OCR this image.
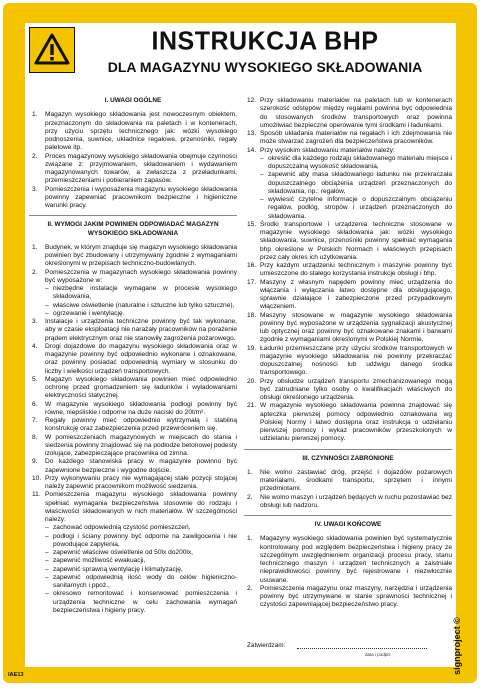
INSTRUKCJA BHP
DLA MAGAZYNU WYSOKIEGO SKŁADOWANIA
I. UWAGI OGÓLNE
1. Magazyn wysokiego składowania jest nowoczesnym obiektem, przeznaczonym do składowania na paletach i w kontenerach, przy użyciu sprzętu technicznego jak: wózki wysokiego podnoszenia, suwnice, układnice regałowe, przenośniki, regały paletowe itp.
2. Proces magazynowy wysokiego składowania obejmuje czynności związane z: przyjmowaniem, składowaniem i wydawaniem magazynowanych towarów, a zwłaszcza z przeładunkami, przemieszczeniami i pobieraniem zapasów.
3. Pomieszczenia i wyposażenia magazynu wysokiego składowania powinny zapewniać pracownikom bezpieczne i higieniczne warunki pracy.
II. WYMOGI JAKIM POWINIEN ODPOWIADAĆ MAGAZYN WYSOKIEGO SKŁADOWANIA
1. Budynek, w którym znajduje się magazyn wysokiego składowania powinien być zbudowany i utrzymywany zgodnie z wymaganiami określonymi w przepisach techniczno-budowlanych.
2. Pomieszczenia w magazynach wysokiego składowania powinny być wyposażone w:
– niezbędne instalacje wymagane w procesie wysokiego składowania,
– właściwe oświetlenie (naturalne i sztuczne lub tylko sztuczne),
– ogrzewanie i wentylację.
3. Instalacje i urządzenia techniczne powinny być tak wykonane, aby w czasie eksploatacji nie narażały pracowników na porażenie prądem elektrycznym oraz nie stanowiły zagrożenia pożarowego.
4. Drogi dojazdowe do magazynu wysokiego składowania oraz w magazynie powinny być odpowiednio wykonane i oznakowane, oraz powinny posiadać odpowiednią wymiary w stosunku do liczby i wielkości urządzeń transportowych.
5. Magazyn wysokiego składowania powinien mieć odpowiednio ochronę przed gromadzeniem się ładunków i wyładowaniami elektryczności statycznej.
6. W magazynie wysokiego składowania podłogi powinny być równe, niepśliskie i odporne na duże naciski do 20t/m².
7. Regały powinny mieć odpowiednio wytrzymałą i stabilną konstrukcję oraz zabezpieczenia przed przewróceniem się.
8. W pomieszczeniach magazynowych w miejscach do stania i siedzenia powinny znajdować się na podłodze betonowej podesty izolujące, zabezpieczające pracownika od zimna.
9. Do każdego stanowiska pracy w magazynie powinno być zapewnione bezpieczne i wygodne dojście.
10. Przy wykonywaniu pracy nie wymagającej stałe pozycji stojącej należy zapewnić pracownikom możliwość siedzenia.
11. Pomieszczenia magazynu wysokiego składowania powinny spełniać wymagania bezpieczeństwa stosownie do rodzaju i właściwości składowanych w nich materiałów. W szczególności należy:
– zachować odpowiednią czystość pomieszczeń,
– podłogi i ściany powinny być odporne na zawilgocenia i nie powodujące zapylenia,
– zapewnić właściwe oświetlenie od 50lx do200lx,
– zapewnić możliwość ewakuacji,
– zapewnić sprawną wentylację i klimatyzację,
– zapewnić odpowiednią ilość wody do celów higieniczno-sanitarnych i ppoż.,
– okresowo remontować i konserwować pomieszczenia i urządzenia techniczne w celu zachowania wymagań bezpieczeństwa i higieny pracy.
12. Przy składowaniu materiałów na paletach lub w kontenerach szerokość odstępów między regałami powinna być odpowiednia do stosowanych środków transportowych oraz powinna umożliwiać bezpieczne operowanie tymi środkami i ładunkami.
13. Sposób układania materiałów na regałach i ich zdejmowania nie może stwarzać zagrożeń dla bezpieczeństwa pracowników.
14. Przy wysokim składowaniu materiałów należy:
– określić dla każdego rodzaju składowanego materiału miejsce i dopuszczalną wysokość składowania,
– zapewnić aby masa składowanego ładunku nie przekraczała dopuszczalnego obciążenia urządzeń przeznaczonych do składowania, np.: regałów,
– wywiesić czytelne informacje o dopuszczalnym obciążeniu regałów, podłóg, stropów i urządzeń przeznaczonych do składowania.
15. Środki transportowe i urządzenia techniczne stosowane w magazynie wysokiego składowania jak: wózki wysokiego składowania, suwnice, przenośniki powinny spełniać wymagania bhp określone w Polskich Normach i właściwych przepisach przez cały okres ich użytkowania.
16. Przy każdym urządzeniu technicznym i maszynie powinny być umieszczone do stałego korzystania instrukcje obsługi i bhp.
17. Maszyny z własnym napędem powinny mieć urządzenia do włączania i wyłączania łatwo dostępne dla obsługującego, sprawnie działające i zabezpieczone przed przypadkowym włączeniem.
18. Maszyny stosowane w magazynie wysokiego składowania powinny być wyposażone w urządzenia sygnalizacji akustycznej lub optycznej oraz powinny być oznakowane znakami i barwami zgodnie z wymaganiami określonymi w Polskiej Normie.
19. Ładunki przemieszczane przy użyciu środków transportowych w magazynie wysokiego składowania nie powinny przekraczać dopuszczalnej nośności lub udźwigu danego środka transportowego.
20. Przy obsłudze urządzeń transportu zmechanizowanego mogą być zatrudniane tylko osoby o kwalifikacjach właściwych do obsługi określonego urządzenia.
21. W magazynie wysokiego składowania powinna znajdować się apteczka pierwszej pomocy odpowiednio oznakowana wg Polskiej Normy i łatwo dostępna oraz instrukcja o udzielaniu pierwszej pomocy i wykaz pracowników przeszkolonych w udzielaniu pierwszej pomocy.
III. CZYNNOŚCI ZABRONIONE
1. Nie wolno zastawiać dróg, przejść i dojazdów pożarowych materiałami, środkami transportu, sprzętem i innymi przedmiotami.
2. Nie wolno maszyn i urządzeń będących w ruchu pozostawiać bez obsługi lub nadzoru.
IV. UWAGI KOŃCOWE
1. Magazyny wysokiego składowania powinien być systematycznie kontrolowany pod względem bezpieczeństwa i higieny pracy ze szczególnym uwzględnieniem organizacji procesu pracy, stanu technicznego maszyn i urządzeń technicznych a zaistniałe nieprawidłowości powinny być rejestrowane i niezwłocznie usuwane.
2. Pomieszczenia magazynu oraz maszyny, narzędzia i urządzenia powinny być utrzymywane w stanie sprawności technicznej i czystości zapewniającej bezpieczeństwo pracy.
Zatwierdzam:
data i podpis	signproject ©
IAE13
